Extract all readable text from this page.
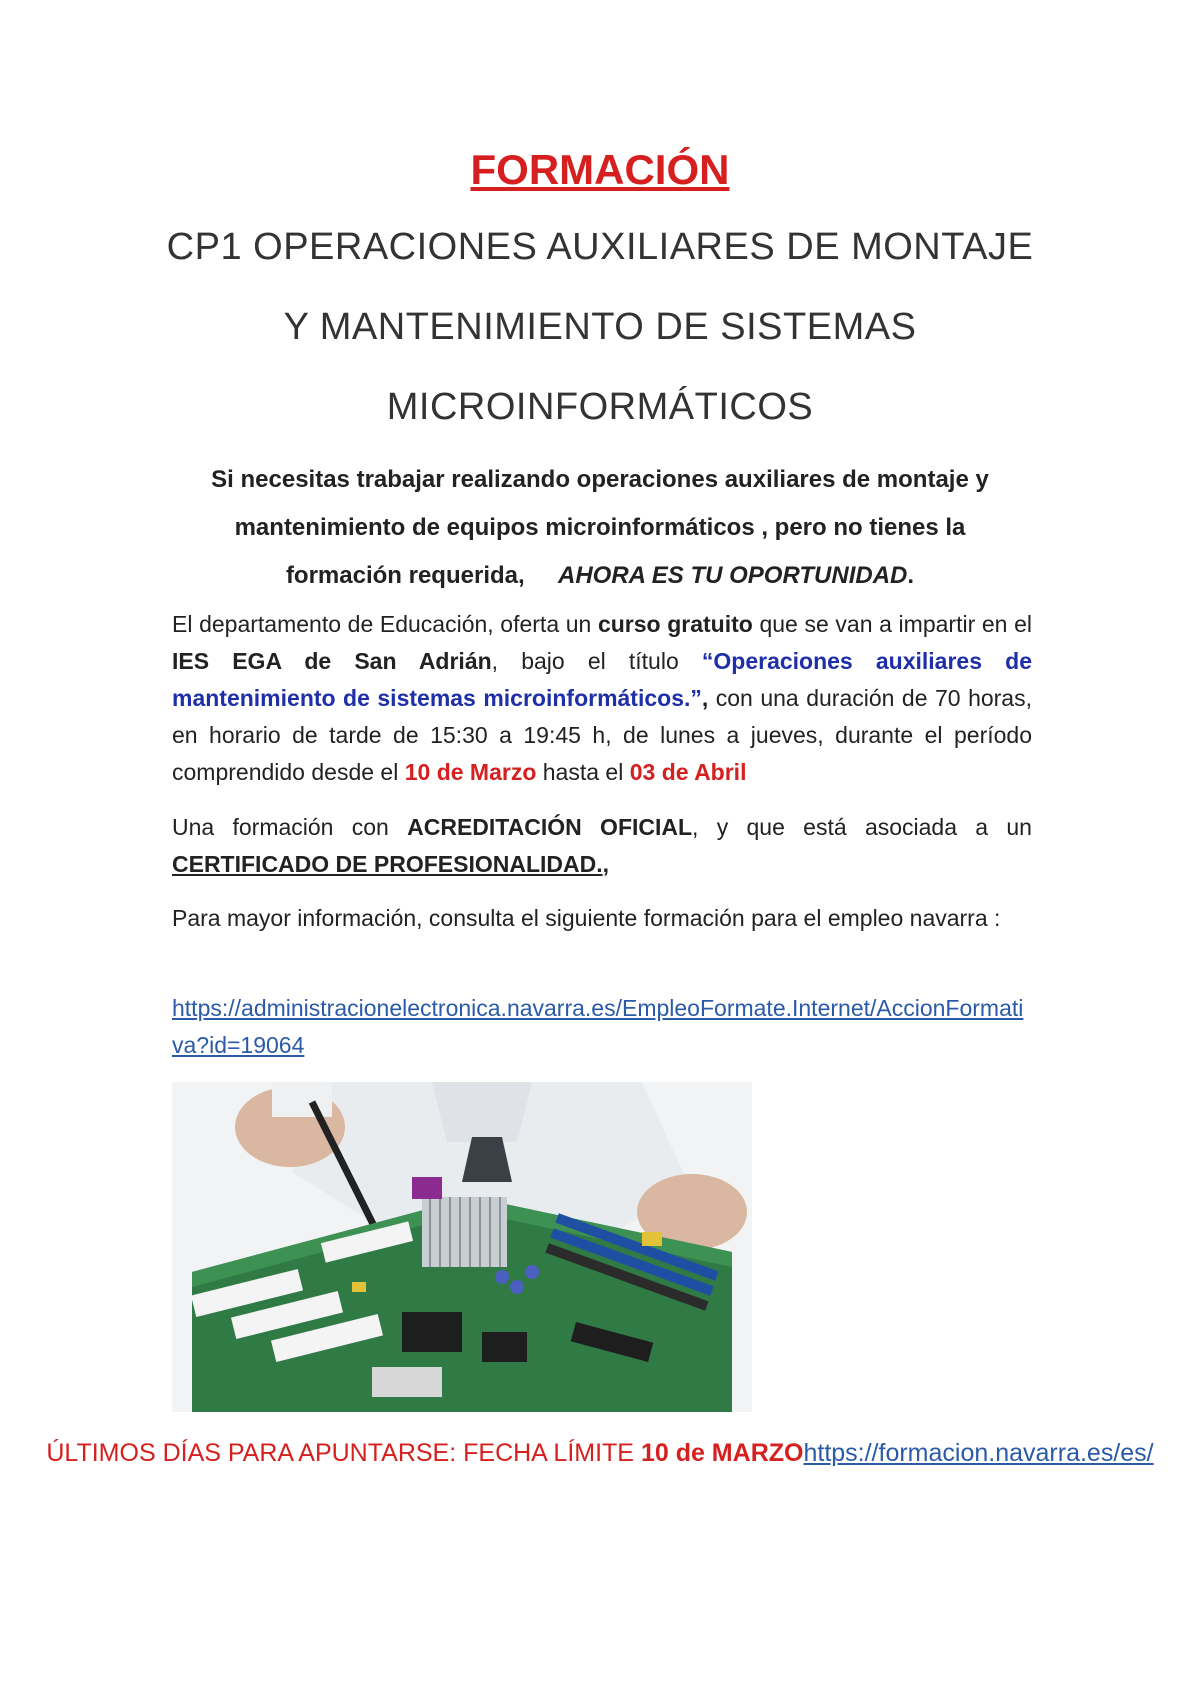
FORMACIÓN
CP1 OPERACIONES AUXILIARES DE MONTAJE
Y MANTENIMIENTO DE SISTEMAS
MICROINFORMÁTICOS
Si necesitas trabajar realizando operaciones auxiliares de montaje y
mantenimiento de equipos microinformáticos , pero no tienes la
formación requerida, AHORA ES TU OPORTUNIDAD.
El departamento de Educación, oferta un curso gratuito que se van a impartir en el IES EGA de San Adrián, bajo el título “Operaciones auxiliares de mantenimiento de sistemas microinformáticos.”, con una duración de 70 horas, en horario de tarde de 15:30 a 19:45 h, de lunes a jueves, durante el período comprendido desde el 10 de Marzo hasta el 03 de Abril
Una formación con ACREDITACIÓN OFICIAL, y que está asociada a un CERTIFICADO DE PROFESIONALIDAD.,
Para mayor información, consulta el siguiente formación para el empleo navarra :
https://administracionelectronica.navarra.es/EmpleoFormate.Internet/AccionFormativa?id=19064
ÚLTIMOS DÍAS PARA APUNTARSE: FECHA LÍMITE 10 de MARZOhttps://formacion.navarra.es/es/
